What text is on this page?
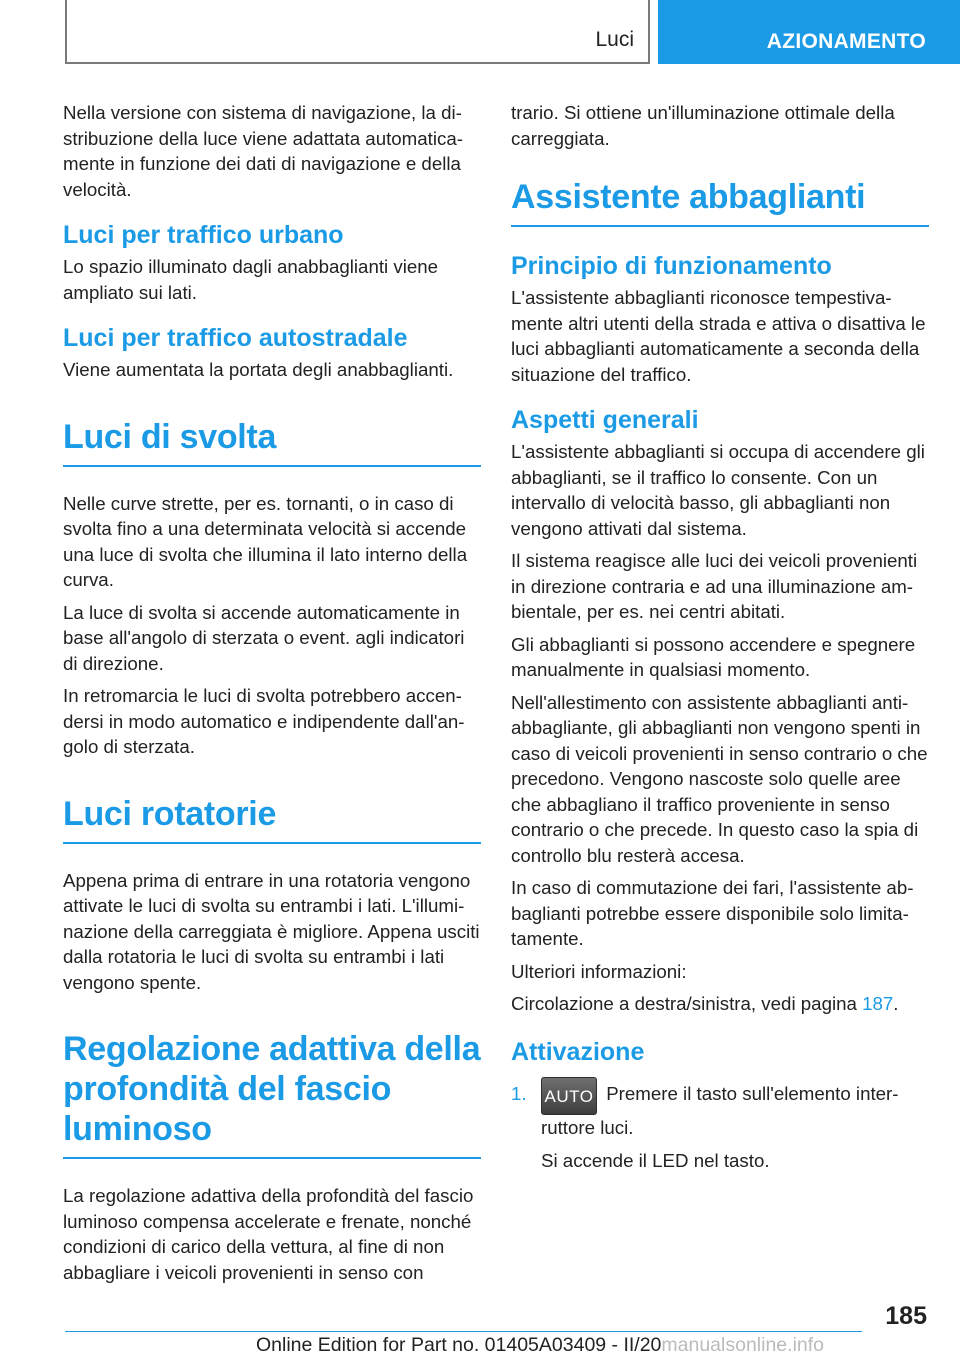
Luci	AZIONAMENTO

Nella versione con sistema di navigazione, la distribuzione della luce viene adattata automaticamente in funzione dei dati di navigazione e della velocità.

Luci per traffico urbano

Lo spazio illuminato dagli anabbaglianti viene ampliato sui lati.

Luci per traffico autostradale

Viene aumentata la portata degli anabbaglianti.

Luci di svolta

Nelle curve strette, per es. tornanti, o in caso di svolta fino a una determinata velocità si accende una luce di svolta che illumina il lato interno della curva.

La luce di svolta si accende automaticamente in base all'angolo di sterzata o event. agli indicatori di direzione.

In retromarcia le luci di svolta potrebbero accendersi in modo automatico e indipendente dall'angolo di sterzata.

Luci rotatorie

Appena prima di entrare in una rotatoria vengono attivate le luci di svolta su entrambi i lati. L'illuminazione della carreggiata è migliore. Appena usciti dalla rotatoria le luci di svolta su entrambi i lati vengono spente.

Regolazione adattiva della profondità del fascio luminoso

La regolazione adattiva della profondità del fascio luminoso compensa accelerate e frenate, nonché condizioni di carico della vettura, al fine di non abbagliare i veicoli provenienti in senso con

trario. Si ottiene un'illuminazione ottimale della carreggiata.

Assistente abbaglianti
Principio di funzionamento

L'assistente abbaglianti riconosce tempestivamente altri utenti della strada e attiva o disattiva le luci abbaglianti automaticamente a seconda della situazione del traffico.

Aspetti generali

L'assistente abbaglianti si occupa di accendere gli abbaglianti, se il traffico lo consente. Con un intervallo di velocità basso, gli abbaglianti non vengono attivati dal sistema.

Il sistema reagisce alle luci dei veicoli provenienti in direzione contraria e ad una illuminazione ambientale, per es. nei centri abitati.

Gli abbaglianti si possono accendere e spegnere manualmente in qualsiasi momento.

Nell'allestimento con assistente abbaglianti antiabbagliante, gli abbaglianti non vengono spenti in caso di veicoli provenienti in senso contrario o che precedono. Vengono nascoste solo quelle aree che abbagliano il traffico proveniente in senso contrario o che precede. In questo caso la spia di controllo blu resterà accesa.

In caso di commutazione dei fari, l'assistente abbaglianti potrebbe essere disponibile solo limitatamente.

Ulteriori informazioni:

Circolazione a destra/sinistra, vedi pagina 187.

Attivazione
1. AUTO Premere il tasto sull'elemento interruttore luci.

Si accende il LED nel tasto.

185
Online Edition for Part no. 01405A03409 - II/20manualsonline.info
